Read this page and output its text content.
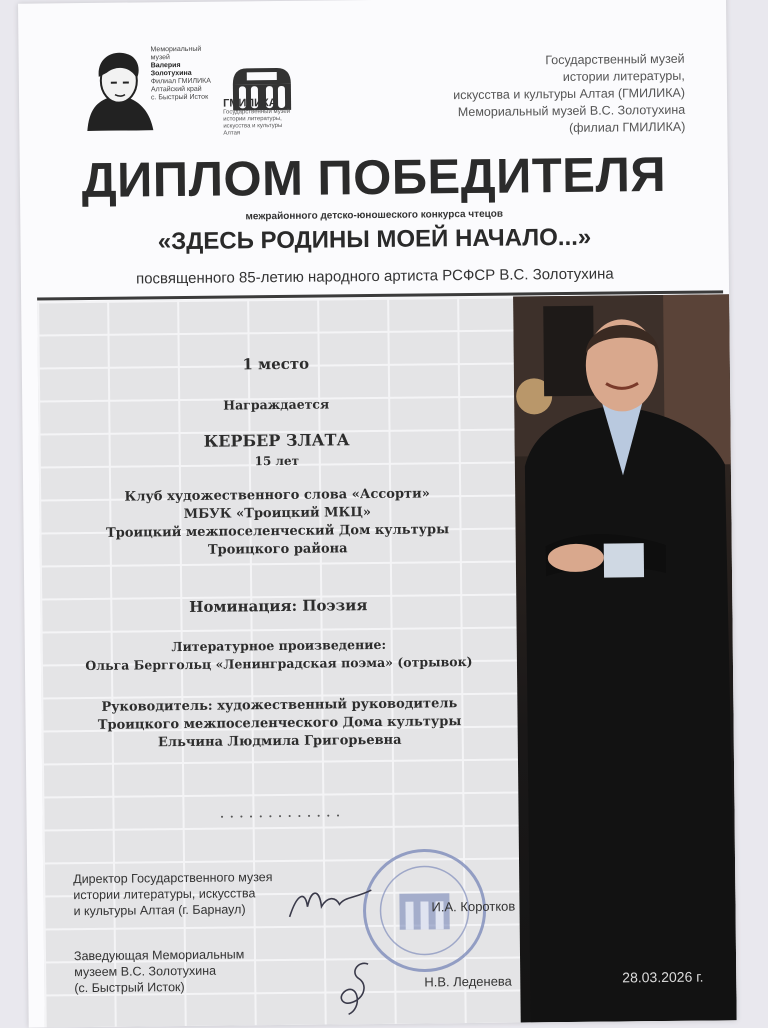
Мемориальный
музей
Валерия
Золотухина
Филиал ГМИЛИКА
Алтайский край
с. Быстрый Исток	ГМИЛИКА
Государственный музей истории литературы, искусства и культуры Алтая
Государственный музей
истории литературы,
искусства и культуры Алтая (ГМИЛИКА)
Мемориальный музей В.С. Золотухина
(филиал ГМИЛИКА)
ДИПЛОМ ПОБЕДИТЕЛЯ
межрайонного детско-юношеского конкурса чтецов
«ЗДЕСЬ РОДИНЫ МОЕЙ НАЧАЛО...»
посвященного 85-летию народного артиста РСФСР В.С. Золотухина
1 место
Награждается
КЕРБЕР ЗЛАТА
15 лет
Клуб художественного слова «Ассорти»
МБУК «Троицкий МКЦ»
Троицкий межпоселенческий Дом культуры
Троицкого района
Номинация: Поэзия
Литературное произведение:
Ольга Берггольц «Ленинградская поэма» (отрывок)
Руководитель: художественный руководитель
Троицкого межпоселенческого Дома культуры
Ельчина Людмила Григорьевна
. . . . . . . . . . . . .
Директор Государственного музея
истории литературы, искусства
и культуры Алтая (г. Барнаул)
Заведующая Мемориальным
музеем В.С. Золотухина
(с. Быстрый Исток)
И.А. Коротков
Н.В. Леденева	28.03.2026 г.
